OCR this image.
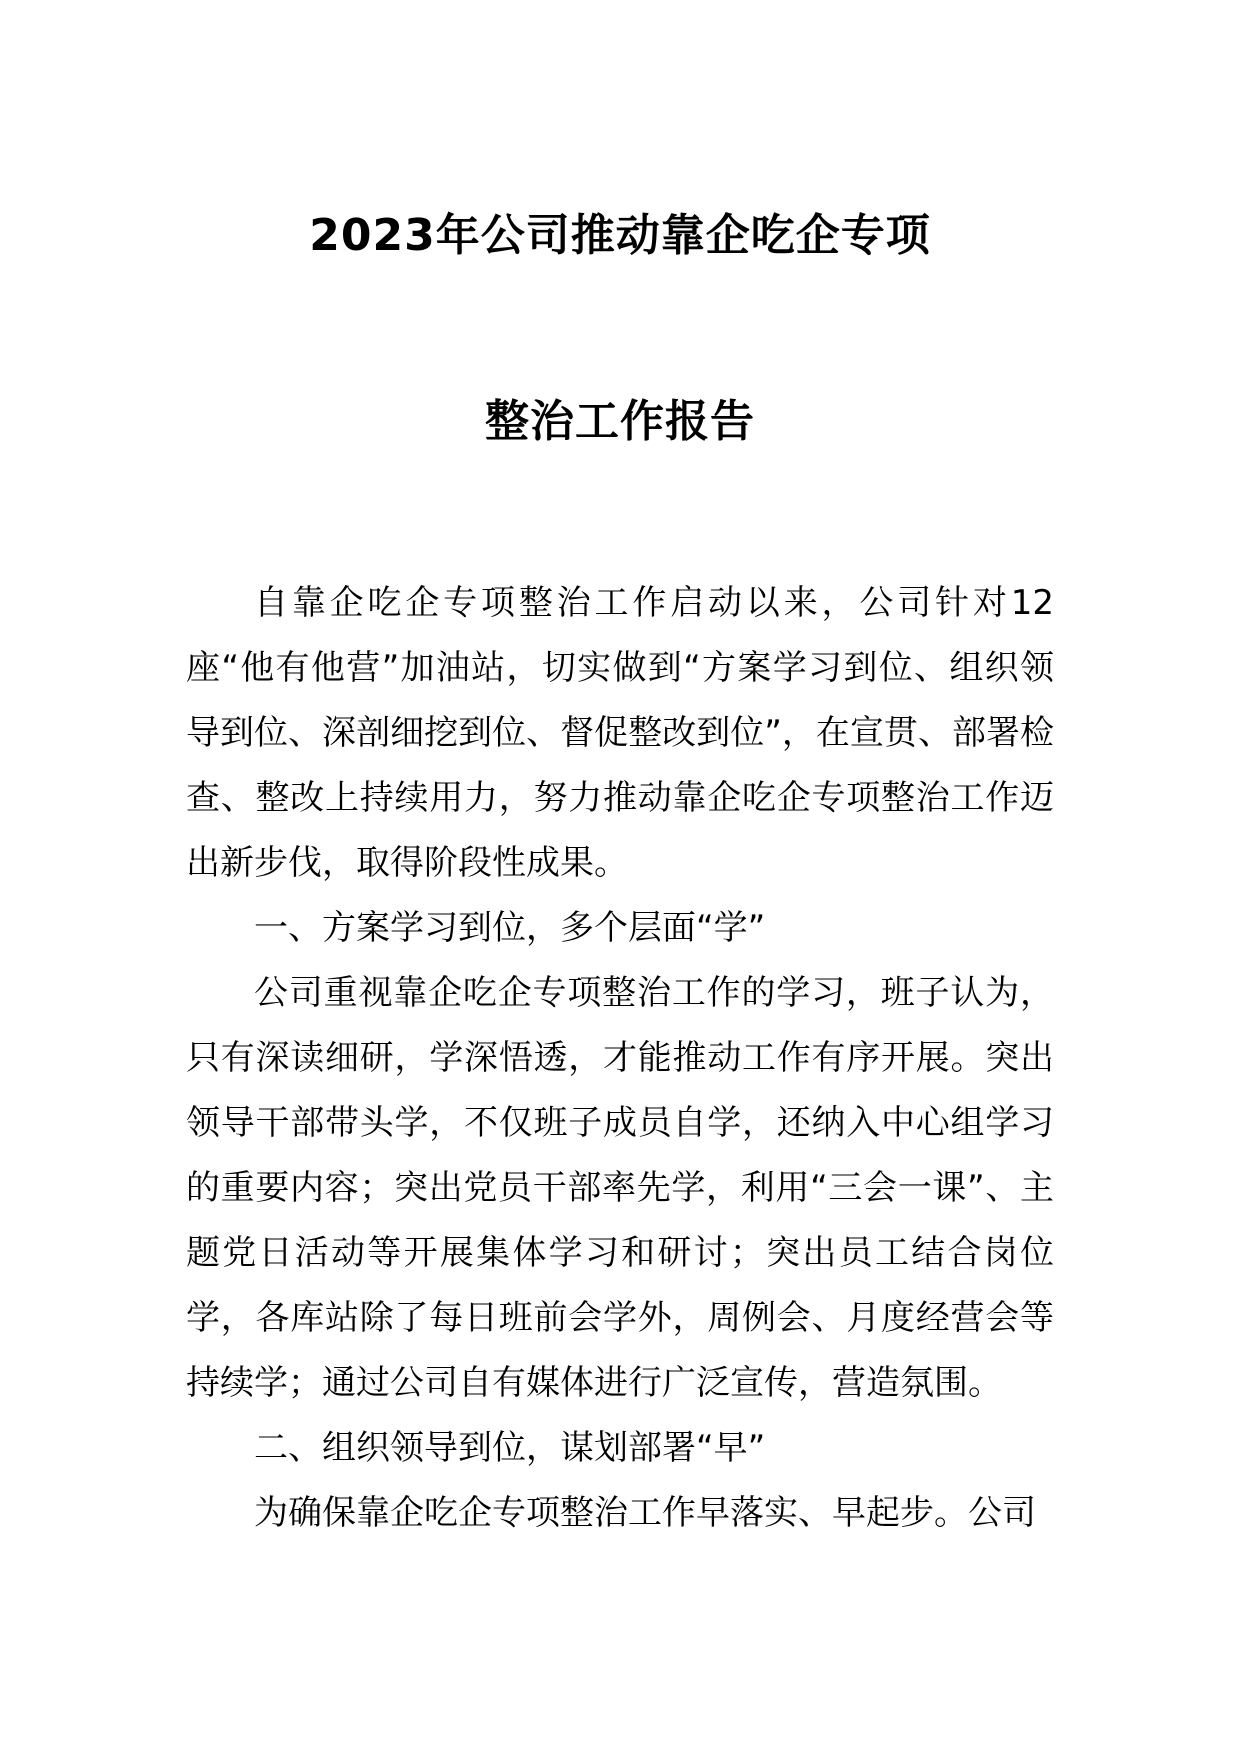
2023年公司推动靠企吃企专项
整治工作报告

自靠企吃企专项整治工作启动以来，公司针对12座“他有他营”加油站，切实做到“方案学习到位、组织领导到位、深剖细挖到位、督促整改到位”，在宣贯、部署检查、整改上持续用力，努力推动靠企吃企专项整治工作迈出新步伐，取得阶段性成果。

一、方案学习到位，多个层面“学”

公司重视靠企吃企专项整治工作的学习，班子认为，只有深读细研，学深悟透，才能推动工作有序开展。突出领导干部带头学，不仅班子成员自学，还纳入中心组学习的重要内容；突出党员干部率先学，利用“三会一课”、主题党日活动等开展集体学习和研讨；突出员工结合岗位学，各库站除了每日班前会学外，周例会、月度经营会等持续学；通过公司自有媒体进行广泛宣传，营造氛围。

二、组织领导到位，谋划部署“早”

为确保靠企吃企专项整治工作早落实、早起步。公司
